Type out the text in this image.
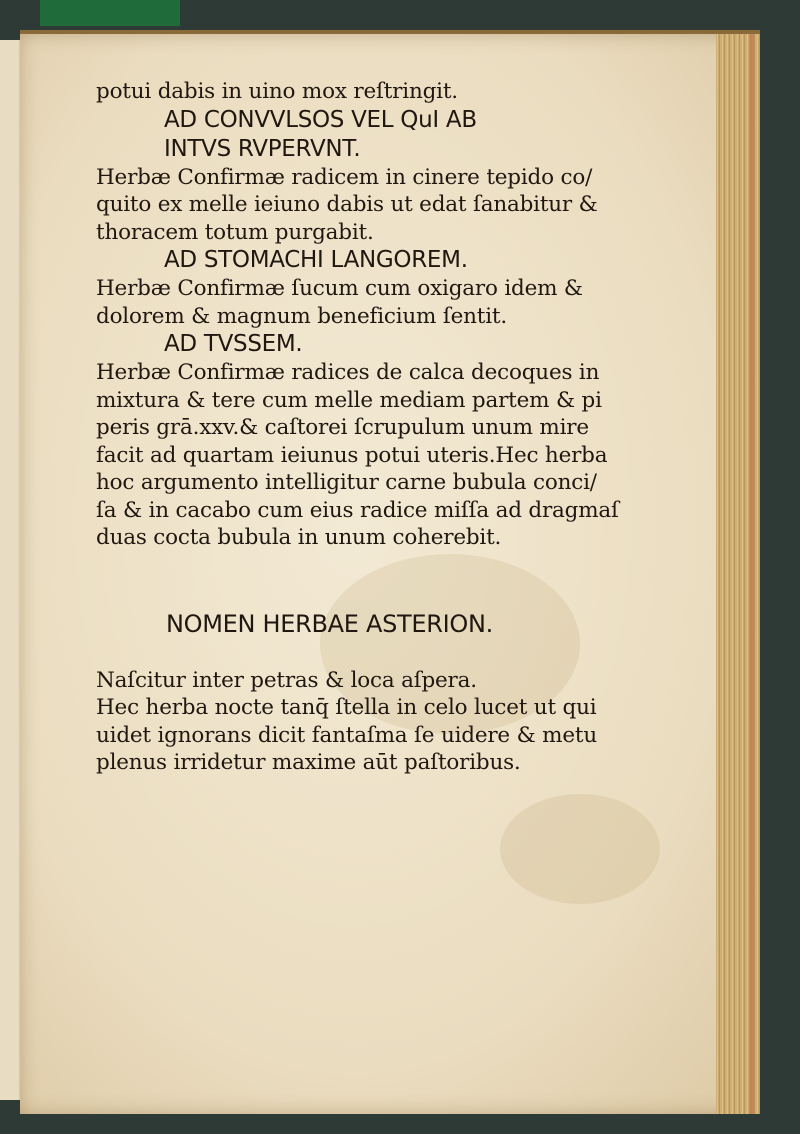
potui dabis in uino mox reſtringit.
AD CONVVLSOS VEL QuI AB
INTVS RVPERVNT.
Herbæ Confirmæ radicem in cinere tepido co/
quito ex melle ieiuno dabis ut edat ſanabitur &
thoracem totum purgabit.
AD STOMACHI LANGOREM.
Herbæ Confirmæ ſucum cum oxigaro idem &
dolorem & magnum beneficium ſentit.
AD TVSSEM.
Herbæ Confirmæ radices de calca decoques in
mixtura & tere cum melle mediam partem & pi
peris grā.xxv.& caſtorei ſcrupulum unum mire
facit ad quartam ieiunus potui uteris.Hec herba
hoc argumento intelligitur carne bubula conci/
ſa & in cacabo cum eius radice miſſa ad dragmaſ
duas cocta bubula in unum coherebit.
NOMEN HERBAE ASTERION.
Naſcitur inter petras & loca aſpera.
Hec herba nocte tanq̄ ſtella in celo lucet ut qui
uidet ignorans dicit fantaſma ſe uidere & metu
plenus irridetur maxime aūt paſtoribus.
